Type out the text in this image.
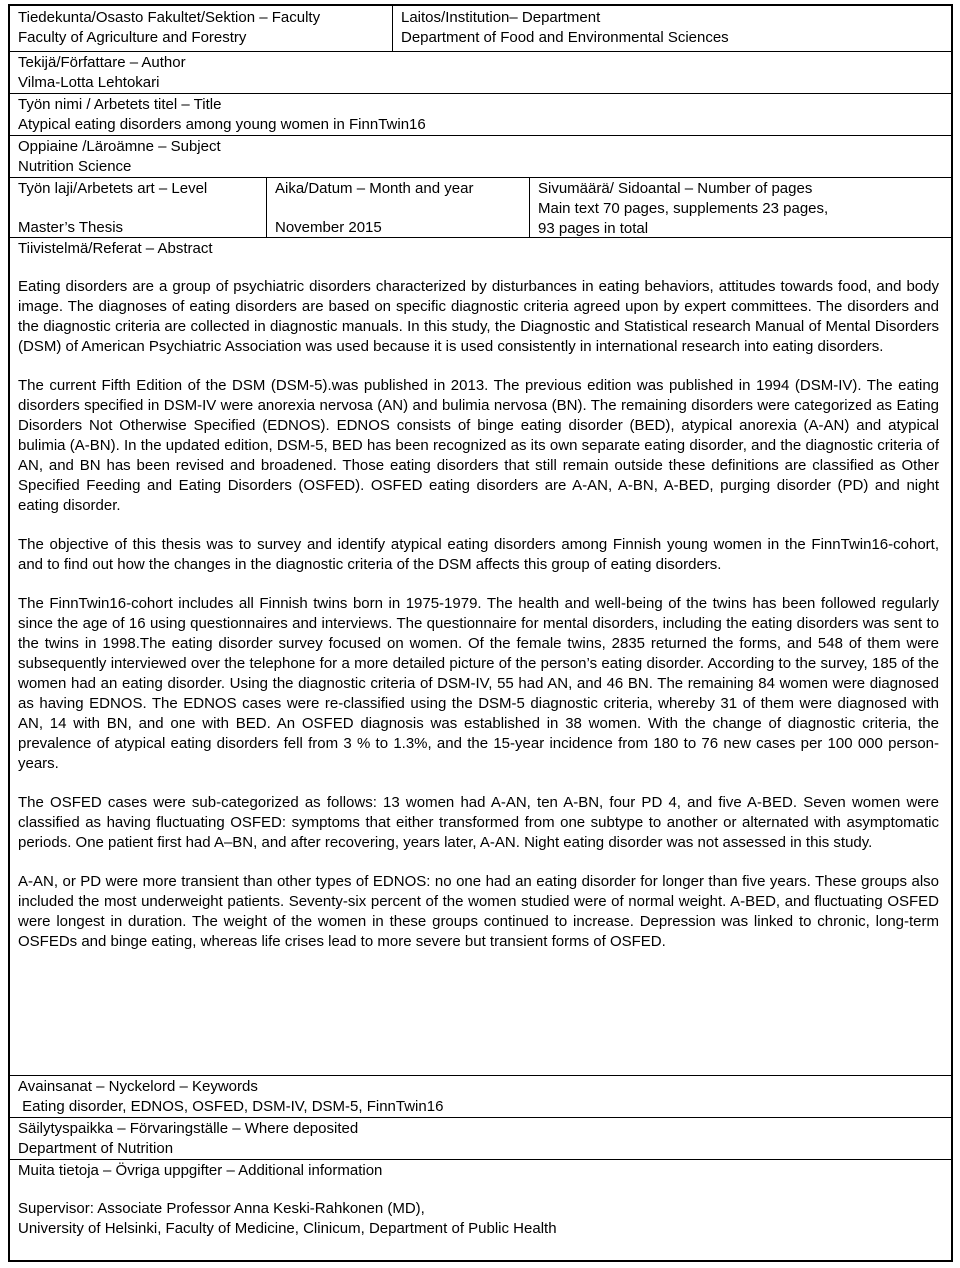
Tiedekunta/Osasto Fakultet/Sektion – Faculty
Faculty of Agriculture and Forestry
Laitos/Institution– Department
Department of Food and Environmental Sciences
Tekijä/Författare – Author
Vilma-Lotta Lehtokari
Työn nimi / Arbetets titel – Title
Atypical eating disorders among young women in FinnTwin16
Oppiaine /Läroämne – Subject
Nutrition Science
Työn laji/Arbetets art – Level
Master’s Thesis
Aika/Datum – Month and year
November 2015
Sivumäärä/ Sidoantal – Number of pages
Main text 70 pages, supplements 23 pages,
93 pages in total
Tiivistelmä/Referat – Abstract

Eating disorders are a group of psychiatric disorders characterized by disturbances in eating behaviors, attitudes towards food, and body image. The diagnoses of eating disorders are based on specific diagnostic criteria agreed upon by expert committees. The disorders and the diagnostic criteria are collected in diagnostic manuals. In this study, the Diagnostic and Statistical research Manual of Mental Disorders (DSM) of American Psychiatric Association was used because it is used consistently in international research into eating disorders.

The current Fifth Edition of the DSM (DSM-5).was published in 2013. The previous edition was published in 1994 (DSM-IV). The eating disorders specified in DSM-IV were anorexia nervosa (AN) and bulimia nervosa (BN). The remaining disorders were categorized as Eating Disorders Not Otherwise Specified (EDNOS). EDNOS consists of binge eating disorder (BED), atypical anorexia (A-AN) and atypical bulimia (A-BN). In the updated edition, DSM-5, BED has been recognized as its own separate eating disorder, and the diagnostic criteria of AN, and BN has been revised and broadened. Those eating disorders that still remain outside these definitions are classified as Other Specified Feeding and Eating Disorders (OSFED). OSFED eating disorders are A-AN, A-BN, A-BED, purging disorder (PD) and night eating disorder.

The objective of this thesis was to survey and identify atypical eating disorders among Finnish young women in the FinnTwin16-cohort, and to find out how the changes in the diagnostic criteria of the DSM affects this group of eating disorders.

The FinnTwin16-cohort includes all Finnish twins born in 1975-1979. The health and well-being of the twins has been followed regularly since the age of 16 using questionnaires and interviews. The questionnaire for mental disorders, including the eating disorders was sent to the twins in 1998.The eating disorder survey focused on women. Of the female twins, 2835 returned the forms, and 548 of them were subsequently interviewed over the telephone for a more detailed picture of the person’s eating disorder. According to the survey, 185 of the women had an eating disorder. Using the diagnostic criteria of DSM-IV, 55 had AN, and 46 BN. The remaining 84 women were diagnosed as having EDNOS. The EDNOS cases were re-classified using the DSM-5 diagnostic criteria, whereby 31 of them were diagnosed with AN, 14 with BN, and one with BED. An OSFED diagnosis was established in 38 women. With the change of diagnostic criteria, the prevalence of atypical eating disorders fell from 3 % to 1.3%, and the 15-year incidence from 180 to 76 new cases per 100 000 person-years.

The OSFED cases were sub-categorized as follows: 13 women had A-AN, ten A-BN, four PD 4, and five A-BED. Seven women were classified as having fluctuating OSFED: symptoms that either transformed from one subtype to another or alternated with asymptomatic periods. One patient first had A–BN, and after recovering, years later, A-AN. Night eating disorder was not assessed in this study.

A-AN, or PD were more transient than other types of EDNOS: no one had an eating disorder for longer than five years. These groups also included the most underweight patients. Seventy-six percent of the women studied were of normal weight. A-BED, and fluctuating OSFED were longest in duration. The weight of the women in these groups continued to increase. Depression was linked to chronic, long-term OSFEDs and binge eating, whereas life crises lead to more severe but transient forms of OSFED.

Avainsanat – Nyckelord – Keywords
Eating disorder, EDNOS, OSFED, DSM-IV, DSM-5, FinnTwin16
Säilytyspaikka – Förvaringställe – Where deposited
Department of Nutrition
Muita tietoja – Övriga uppgifter – Additional information
Supervisor: Associate Professor Anna Keski-Rahkonen (MD),
University of Helsinki, Faculty of Medicine, Clinicum, Department of Public Health
